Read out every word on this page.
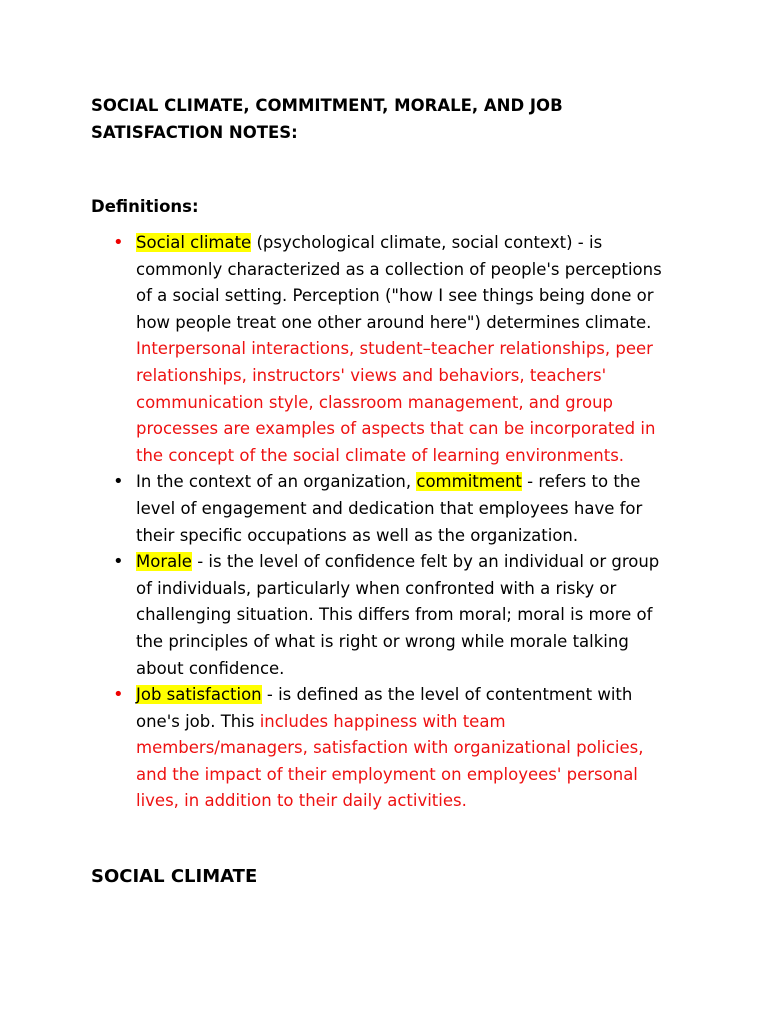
SOCIAL CLIMATE, COMMITMENT, MORALE, AND JOB SATISFACTION NOTES:
Definitions:
• Social climate (psychological climate, social context) - is commonly characterized as a collection of people's perceptions of a social setting. Perception ("how I see things being done or how people treat one other around here") determines climate. Interpersonal interactions, student–teacher relationships, peer relationships, instructors' views and behaviors, teachers' communication style, classroom management, and group processes are examples of aspects that can be incorporated in the concept of the social climate of learning environments.
• In the context of an organization, commitment - refers to the level of engagement and dedication that employees have for their specific occupations as well as the organization.
• Morale - is the level of confidence felt by an individual or group of individuals, particularly when confronted with a risky or challenging situation. This differs from moral; moral is more of the principles of what is right or wrong while morale talking about confidence.
• Job satisfaction - is defined as the level of contentment with one's job. This includes happiness with team members/managers, satisfaction with organizational policies, and the impact of their employment on employees' personal lives, in addition to their daily activities.
SOCIAL CLIMATE
